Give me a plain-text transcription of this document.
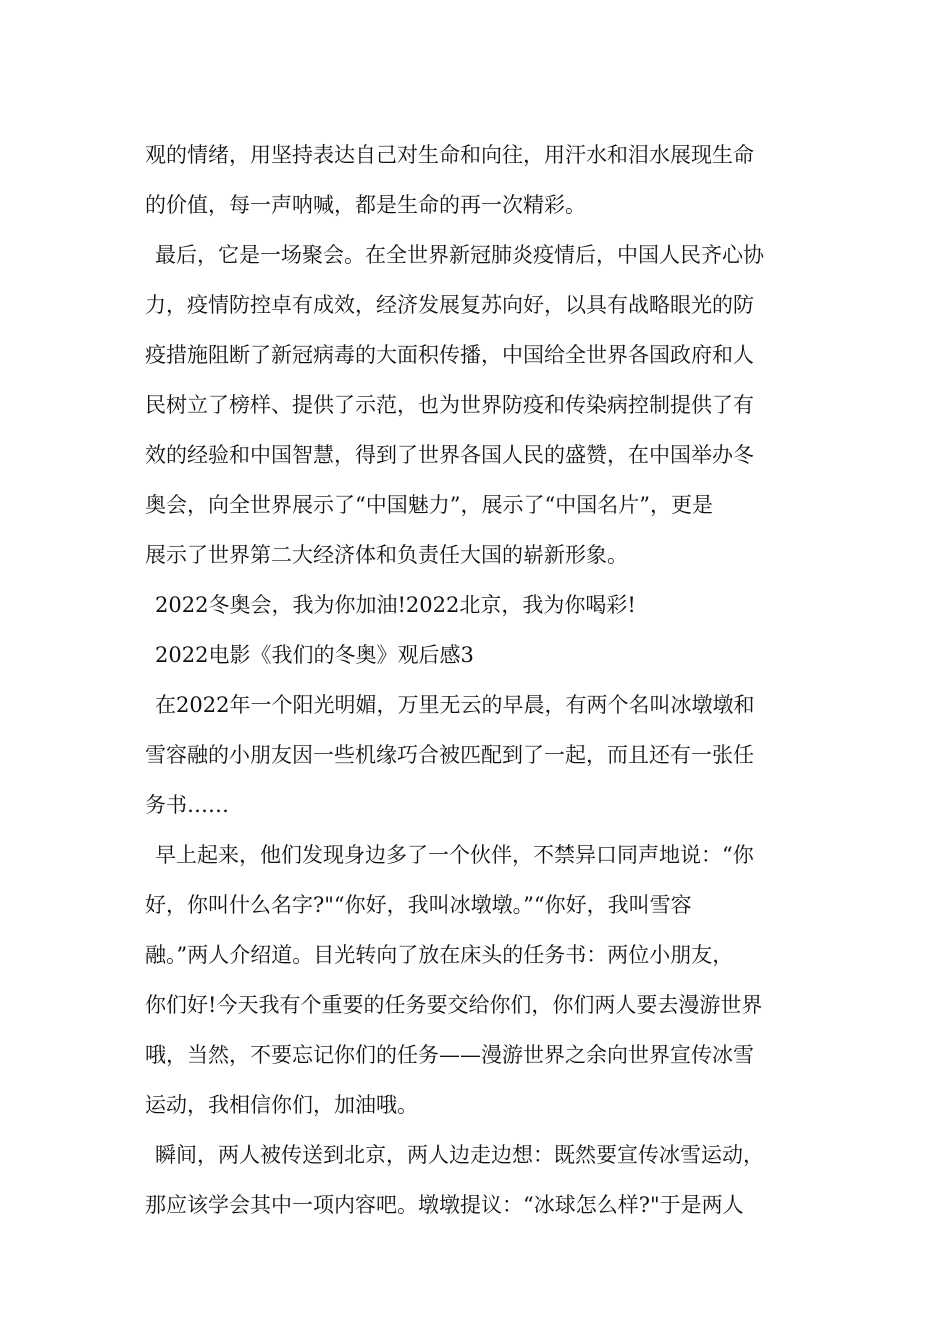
观的情绪，用坚持表达自己对生命和向往，用汗水和泪水展现生命
的价值，每一声呐喊，都是生命的再一次精彩。
最后，它是一场聚会。在全世界新冠肺炎疫情后，中国人民齐心协
力，疫情防控卓有成效，经济发展复苏向好，以具有战略眼光的防
疫措施阻断了新冠病毒的大面积传播，中国给全世界各国政府和人
民树立了榜样、提供了示范，也为世界防疫和传染病控制提供了有
效的经验和中国智慧，得到了世界各国人民的盛赞，在中国举办冬
奥会，向全世界展示了“中国魅力”，展示了“中国名片”，更是
展示了世界第二大经济体和负责任大国的崭新形象。
2022冬奥会，我为你加油!2022北京，我为你喝彩!
2022电影《我们的冬奥》观后感3
在2022年一个阳光明媚，万里无云的早晨，有两个名叫冰墩墩和
雪容融的小朋友因一些机缘巧合被匹配到了一起，而且还有一张任
务书……
早上起来，他们发现身边多了一个伙伴，不禁异口同声地说：“你
好，你叫什么名字?"“你好，我叫冰墩墩。”“你好，我叫雪容
融。”两人介绍道。目光转向了放在床头的任务书：两位小朋友，
你们好!今天我有个重要的任务要交给你们，你们两人要去漫游世界
哦，当然，不要忘记你们的任务——漫游世界之余向世界宣传冰雪
运动，我相信你们，加油哦。
瞬间，两人被传送到北京，两人边走边想：既然要宣传冰雪运动，
那应该学会其中一项内容吧。墩墩提议：“冰球怎么样?"于是两人
